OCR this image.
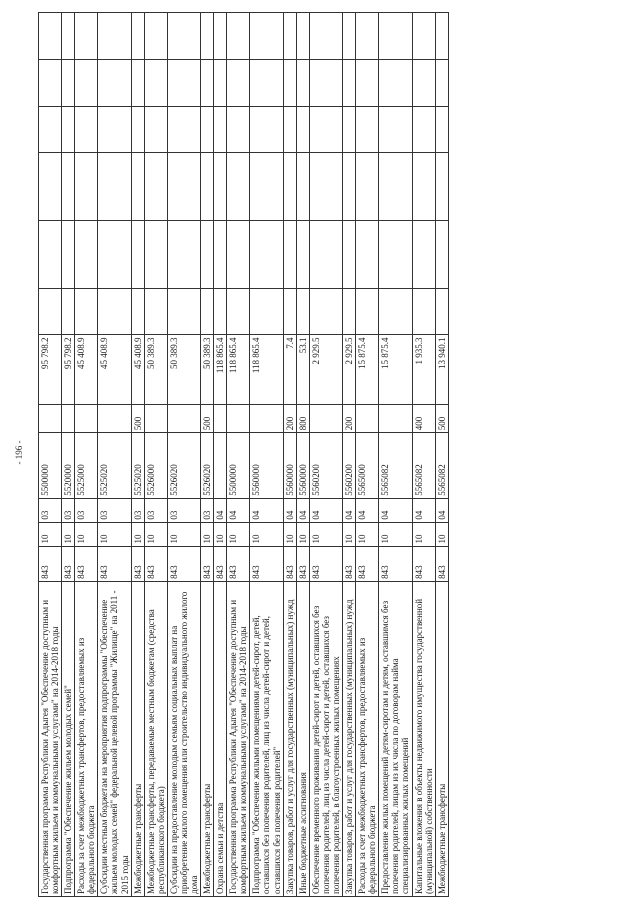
- 196 -
Государственная программа Республики Адыгея "Обеспечение доступным и комфортным жильем и коммунальными услугами" на 2014-2018 годы	843	10	03	5500000		95 798.2						
Подпрограмма "Обеспечение жильем молодых семей"	843	10	03	5520000		95 798.2						
Расходы за счет межбюджетных трансфертов, предоставляемых из федерального бюджета	843	10	03	5525000		45 408.9						
Субсидии местным бюджетам на мероприятия подпрограммы "Обеспечение жильем молодых семей" федеральной целевой программы "Жилище" на 2011 - 2015 годы	843	10	03	5525020		45 408.9						
Межбюджетные трансферты	843	10	03	5525020	500	45 408.9						
Межбюджетные трансферты, передаваемые местным бюджетам (средства республиканского бюджета)	843	10	03	5526000		50 389.3						
Субсидии на предоставление молодым семьям социальных выплат на приобретение жилого помещения или строительство индивидуального жилого дома	843	10	03	5526020		50 389.3						
Межбюджетные трансферты	843	10	03	5526020	500	50 389.3						
Охрана семьи и детства	843	10	04			118 865.4						
Государственная программа Республики Адыгея "Обеспечение доступным и комфортным жильем и коммунальными услугами" на 2014-2018 годы	843	10	04	5500000		118 865.4						
Подпрограмма "Обеспечение жилыми помещениями детей-сирот, детей, оставшихся без попечения родителей, лиц из числа детей-сирот и детей, оставшихся без попечения родителей"	843	10	04	5560000		118 865.4						
Закупка товаров, работ и услуг для государственных (муниципальных) нужд	843	10	04	5560000	200	7.4						
Иные бюджетные ассигнования	843	10	04	5560000	800	53.1						
Обеспечение временного проживания детей-сирот и детей, оставшихся без попечения родителей, лиц из числа детей-сирот и детей, оставшихся без попечения родителей, в благоустроенных жилых помещениях	843	10	04	5560200		2 929.5						
Закупка товаров, работ и услуг для государственных (муниципальных) нужд	843	10	04	5560200	200	2 929.5						
Расходы за счет межбюджетных трансфертов, предоставляемых из федерального бюджета	843	10	04	5565000		15 875.4						
Предоставление жилых помещений детям-сиротам и детям, оставшимся без попечения родителей, лицам из их числа по договорам найма специализированных жилых помещений	843	10	04	5565082		15 875.4						
Капитальные вложения в объекты недвижимого имущества государственной (муниципальной) собственности	843	10	04	5565082	400	1 935.3						
Межбюджетные трансферты	843	10	04	5565082	500	13 940.1						
